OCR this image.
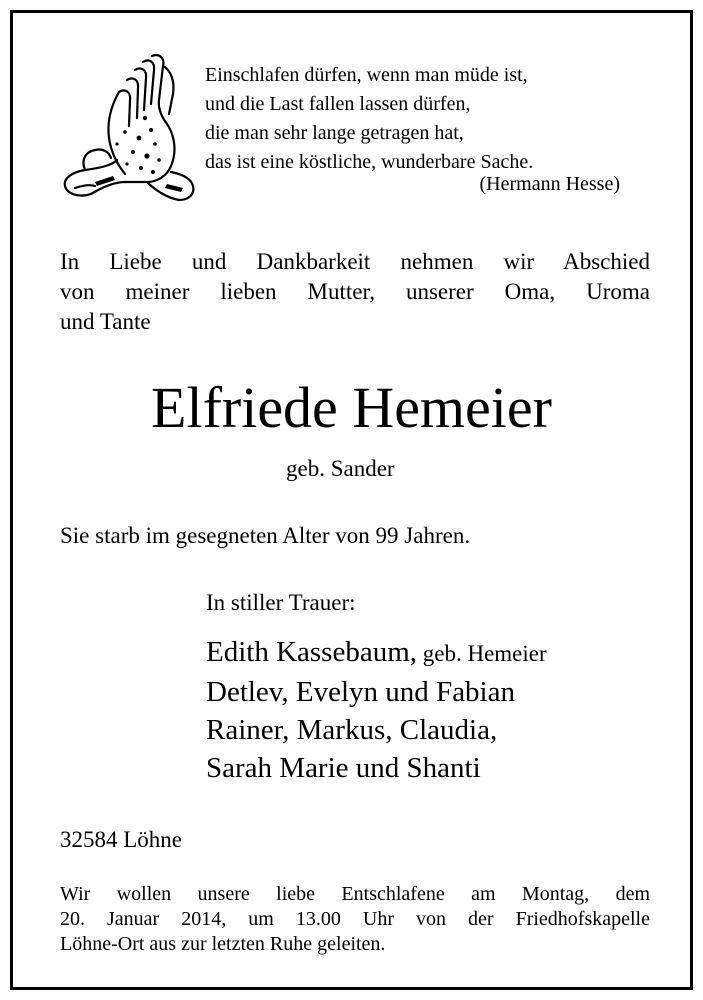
Einschlafen dürfen, wenn man müde ist,
und die Last fallen lassen dürfen,
die man sehr lange getragen hat,
das ist eine köstliche, wunderbare Sache.
(Hermann Hesse)
In Liebe und Dankbarkeit nehmen wir Abschied
von meiner lieben Mutter, unserer Oma, Uroma
und Tante
Elfriede Hemeier
geb. Sander
Sie starb im gesegneten Alter von 99 Jahren.
In stiller Trauer:
Edith Kassebaum, geb. Hemeier
Detlev, Evelyn und Fabian
Rainer, Markus, Claudia,
Sarah Marie und Shanti
32584 Löhne
Wir wollen unsere liebe Entschlafene am Montag, dem
20. Januar 2014, um 13.00 Uhr von der Friedhofskapelle
Löhne-Ort aus zur letzten Ruhe geleiten.
